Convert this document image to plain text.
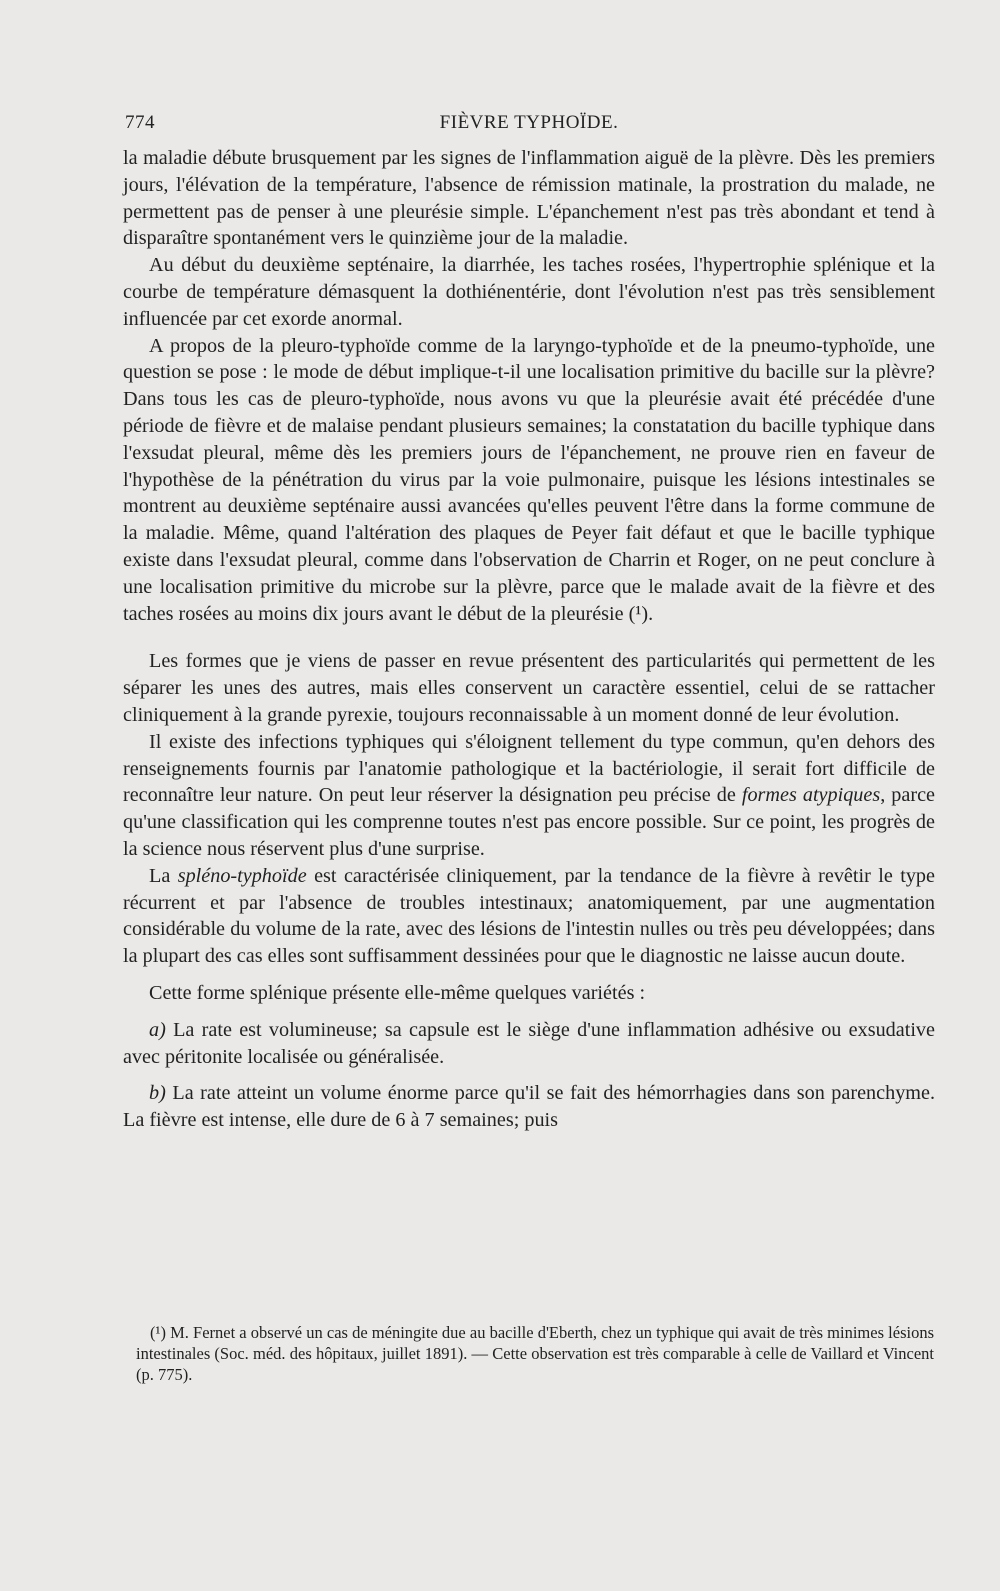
774	FIÈVRE TYPHOÏDE.

la maladie débute brusquement par les signes de l'inflammation aiguë de la plèvre. Dès les premiers jours, l'élévation de la température, l'absence de rémission matinale, la prostration du malade, ne permettent pas de penser à une pleurésie simple. L'épanchement n'est pas très abondant et tend à disparaître spontanément vers le quinzième jour de la maladie.

Au début du deuxième septénaire, la diarrhée, les taches rosées, l'hypertrophie splénique et la courbe de température démasquent la dothiénentérie, dont l'évolution n'est pas très sensiblement influencée par cet exorde anormal.

A propos de la pleuro-typhoïde comme de la laryngo-typhoïde et de la pneumo-typhoïde, une question se pose : le mode de début implique-t-il une localisation primitive du bacille sur la plèvre? Dans tous les cas de pleuro-typhoïde, nous avons vu que la pleurésie avait été précédée d'une période de fièvre et de malaise pendant plusieurs semaines; la constatation du bacille typhique dans l'exsudat pleural, même dès les premiers jours de l'épanchement, ne prouve rien en faveur de l'hypothèse de la pénétration du virus par la voie pulmonaire, puisque les lésions intestinales se montrent au deuxième septénaire aussi avancées qu'elles peuvent l'être dans la forme commune de la maladie. Même, quand l'altération des plaques de Peyer fait défaut et que le bacille typhique existe dans l'exsudat pleural, comme dans l'observation de Charrin et Roger, on ne peut conclure à une localisation primitive du microbe sur la plèvre, parce que le malade avait de la fièvre et des taches rosées au moins dix jours avant le début de la pleurésie (¹).

Les formes que je viens de passer en revue présentent des particularités qui permettent de les séparer les unes des autres, mais elles conservent un caractère essentiel, celui de se rattacher cliniquement à la grande pyrexie, toujours reconnaissable à un moment donné de leur évolution.

Il existe des infections typhiques qui s'éloignent tellement du type commun, qu'en dehors des renseignements fournis par l'anatomie pathologique et la bactériologie, il serait fort difficile de reconnaître leur nature. On peut leur réserver la désignation peu précise de formes atypiques, parce qu'une classification qui les comprenne toutes n'est pas encore possible. Sur ce point, les progrès de la science nous réservent plus d'une surprise.

La spléno-typhoïde est caractérisée cliniquement, par la tendance de la fièvre à revêtir le type récurrent et par l'absence de troubles intestinaux; anatomiquement, par une augmentation considérable du volume de la rate, avec des lésions de l'intestin nulles ou très peu développées; dans la plupart des cas elles sont suffisamment dessinées pour que le diagnostic ne laisse aucun doute.

Cette forme splénique présente elle-même quelques variétés :

a) La rate est volumineuse; sa capsule est le siège d'une inflammation adhésive ou exsudative avec péritonite localisée ou généralisée.

b) La rate atteint un volume énorme parce qu'il se fait des hémorrhagies dans son parenchyme. La fièvre est intense, elle dure de 6 à 7 semaines; puis

(¹) M. Fernet a observé un cas de méningite due au bacille d'Eberth, chez un typhique qui avait de très minimes lésions intestinales (Soc. méd. des hôpitaux, juillet 1891). — Cette observation est très comparable à celle de Vaillard et Vincent (p. 775).
